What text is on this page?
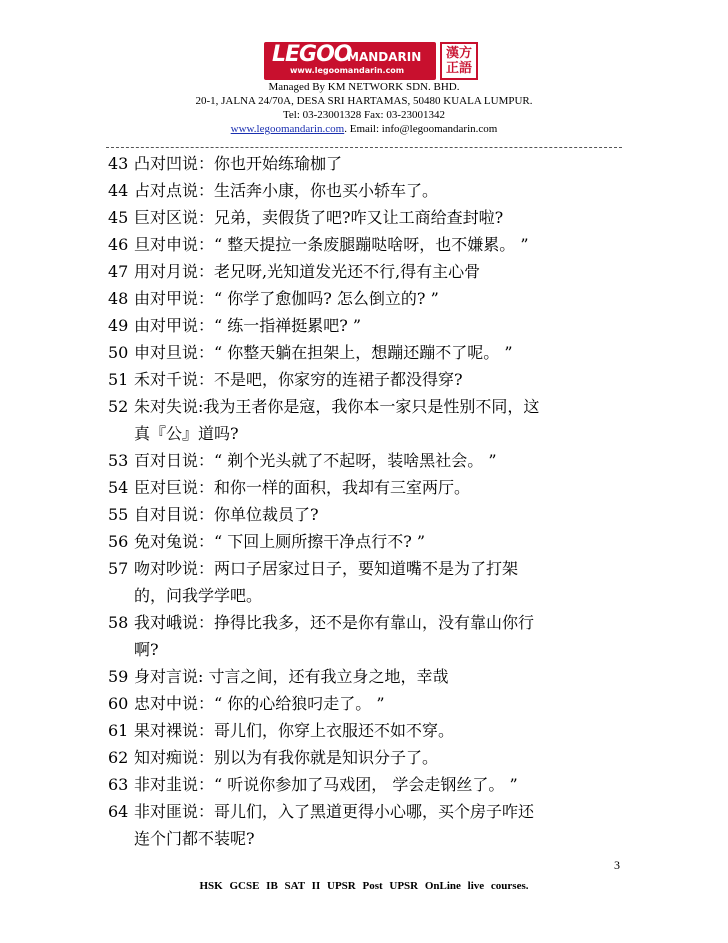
LEGOO
MANDARIN
www.legoomandarin.com
漢方正語
Managed By KM NETWORK SDN. BHD.
20-1, JALNA 24/70A, DESA SRI HARTAMAS, 50480 KUALA LUMPUR.
Tel: 03-23001328 Fax: 03-23001342
www.legoomandarin.com. Email: info@legoomandarin.com
43 凸对凹说：你也开始练瑜枷了
44 占对点说：生活奔小康，你也买小轿车了。
45 巨对区说：兄弟，卖假货了吧?咋又让工商给查封啦?
46 旦对申说：“ 整天提拉一条废腿蹦哒啥呀，也不嫌累。 ”
47 用对月说：老兄呀,光知道发光还不行,得有主心骨
48 由对甲说：“ 你学了愈伽吗? 怎么倒立的? ”
49 由对甲说：“ 练一指禅挺累吧? ”
50 申对旦说：“ 你整天躺在担架上，想蹦还蹦不了呢。 ”
51 禾对千说：不是吧，你家穷的连裙子都没得穿?
52 朱对失说:我为王者你是寇，我你本一家只是性别不同，这
真『公』道吗?
53 百对日说：“ 剃个光头就了不起呀，装啥黑社会。 ”
54 臣对巨说：和你一样的面积，我却有三室两厅。
55 自对目说：你单位裁员了?
56 免对兔说：“ 下回上厕所擦干净点行不? ”
57 吻对吵说：两口子居家过日子，要知道嘴不是为了打架
的，问我学学吧。
58 我对峨说：挣得比我多，还不是你有靠山，没有靠山你行
啊?
59 身对言说: 寸言之间，还有我立身之地，幸哉
60 忠对中说：“ 你的心给狼叼走了。 ”
61 果对裸说：哥儿们，你穿上衣服还不如不穿。
62 知对痴说：别以为有我你就是知识分子了。
63 非对韭说：“ 听说你参加了马戏团， 学会走钢丝了。 ”
64 非对匪说：哥儿们，入了黑道更得小心哪，买个房子咋还
连个门都不装呢?
3
HSK GCSE IB SAT II UPSR Post UPSR OnLine live courses.
